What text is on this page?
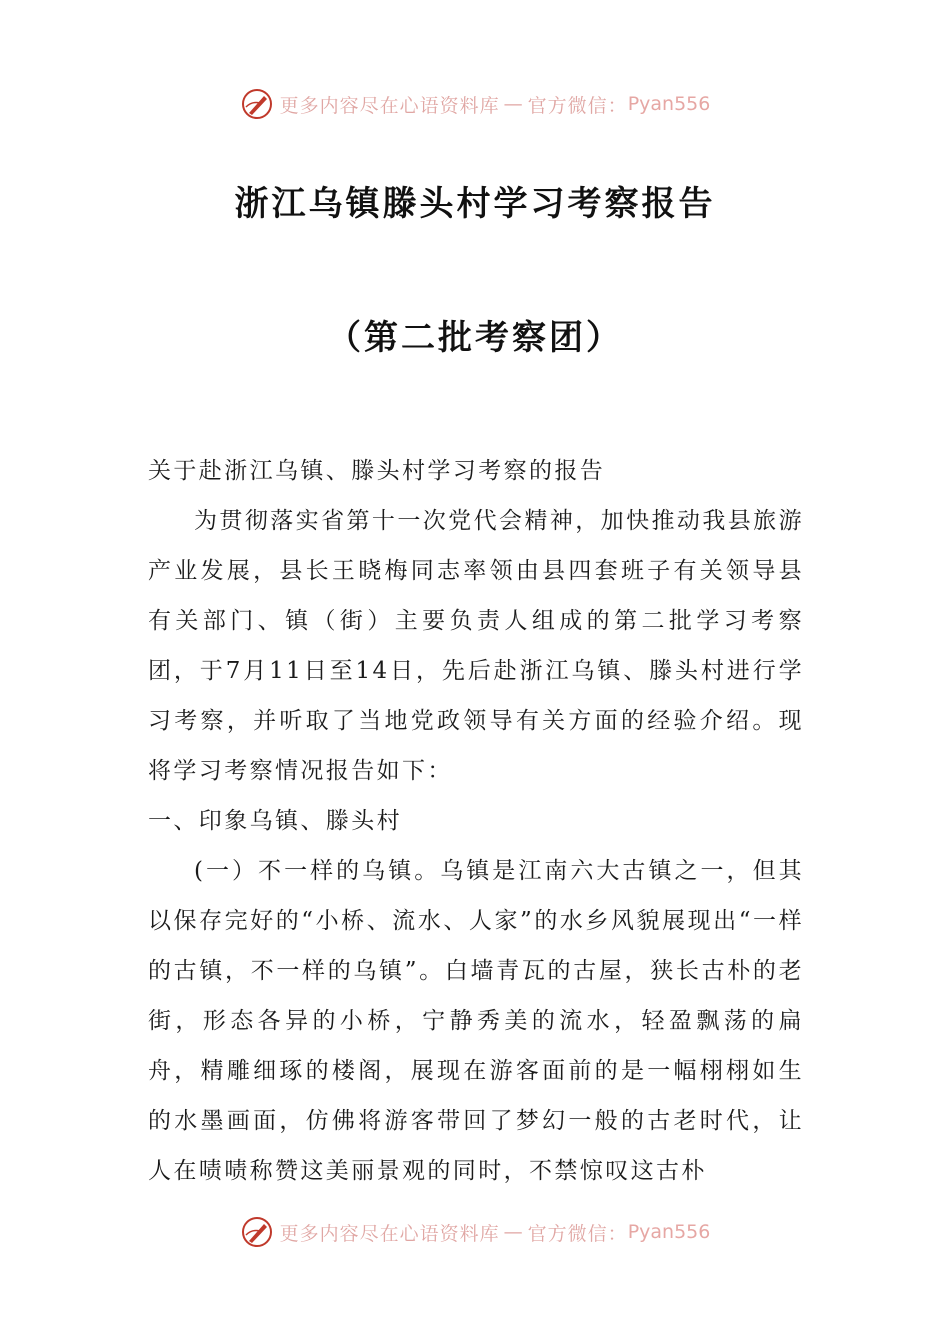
更多内容尽在心语资料库 — 官方微信： Pyan556
浙江乌镇滕头村学习考察报告
（第二批考察团）

关于赴浙江乌镇、滕头村学习考察的报告

为贯彻落实省第十一次党代会精神，加快推动我县旅游产业发展，县长王晓梅同志率领由县四套班子有关领导县有关部门、镇（街）主要负责人组成的第二批学习考察团，于7月11日至14日，先后赴浙江乌镇、滕头村进行学习考察，并听取了当地党政领导有关方面的经验介绍。现将学习考察情况报告如下：

一、印象乌镇、滕头村

(一）不一样的乌镇。乌镇是江南六大古镇之一，但其以保存完好的“小桥、流水、人家”的水乡风貌展现出“一样的古镇，不一样的乌镇”。白墙青瓦的古屋，狭长古朴的老街，形态各异的小桥，宁静秀美的流水，轻盈飘荡的扁舟，精雕细琢的楼阁，展现在游客面前的是一幅栩栩如生的水墨画面，仿佛将游客带回了梦幻一般的古老时代，让人在啧啧称赞这美丽景观的同时，不禁惊叹这古朴

更多内容尽在心语资料库 — 官方微信： Pyan556
